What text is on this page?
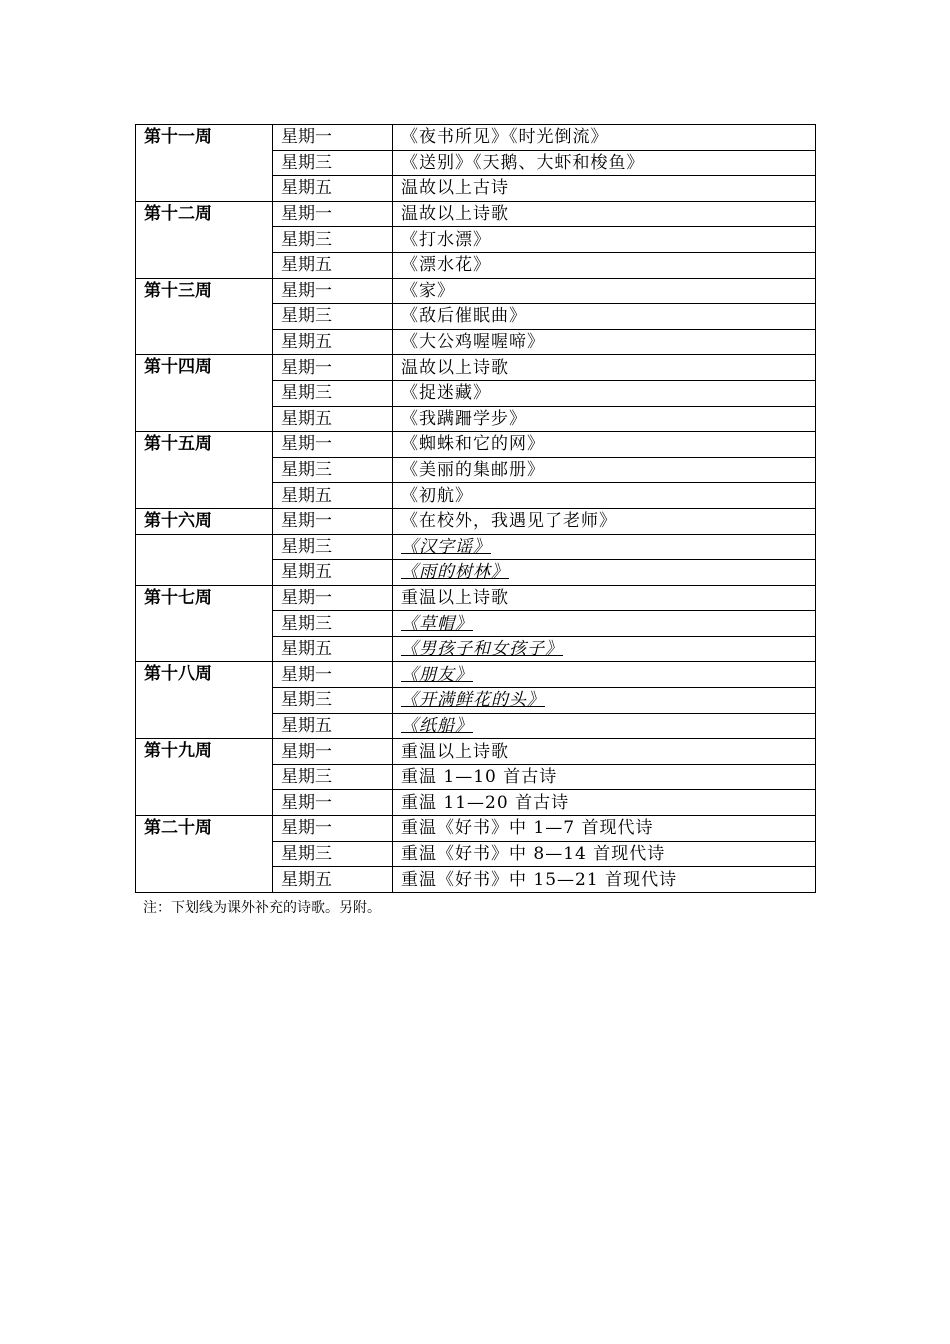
第十一周	星期一	《夜书所见》《时光倒流》
	星期三	《送别》《天鹅、大虾和梭鱼》
	星期五	温故以上古诗
第十二周	星期一	温故以上诗歌
	星期三	《打水漂》
	星期五	《漂水花》
第十三周	星期一	《家》
	星期三	《敌后催眠曲》
	星期五	《大公鸡喔喔啼》
第十四周	星期一	温故以上诗歌
	星期三	《捉迷藏》
	星期五	《我蹒跚学步》
第十五周	星期一	《蜘蛛和它的网》
	星期三	《美丽的集邮册》
	星期五	《初航》
第十六周	星期一	《在校外，我遇见了老师》
	星期三	《汉字谣》
	星期五	《雨的树林》
第十七周	星期一	重温以上诗歌
	星期三	《草帽》
	星期五	《男孩子和女孩子》
第十八周	星期一	《朋友》
	星期三	《开满鲜花的头》
	星期五	《纸船》
第十九周	星期一	重温以上诗歌
	星期三	重温 1—10 首古诗
	星期一	重温 11—20 首古诗
第二十周	星期一	重温《好书》中 1—7 首现代诗
	星期三	重温《好书》中 8—14 首现代诗
	星期五	重温《好书》中 15—21 首现代诗
注：下划线为课外补充的诗歌。另附。
